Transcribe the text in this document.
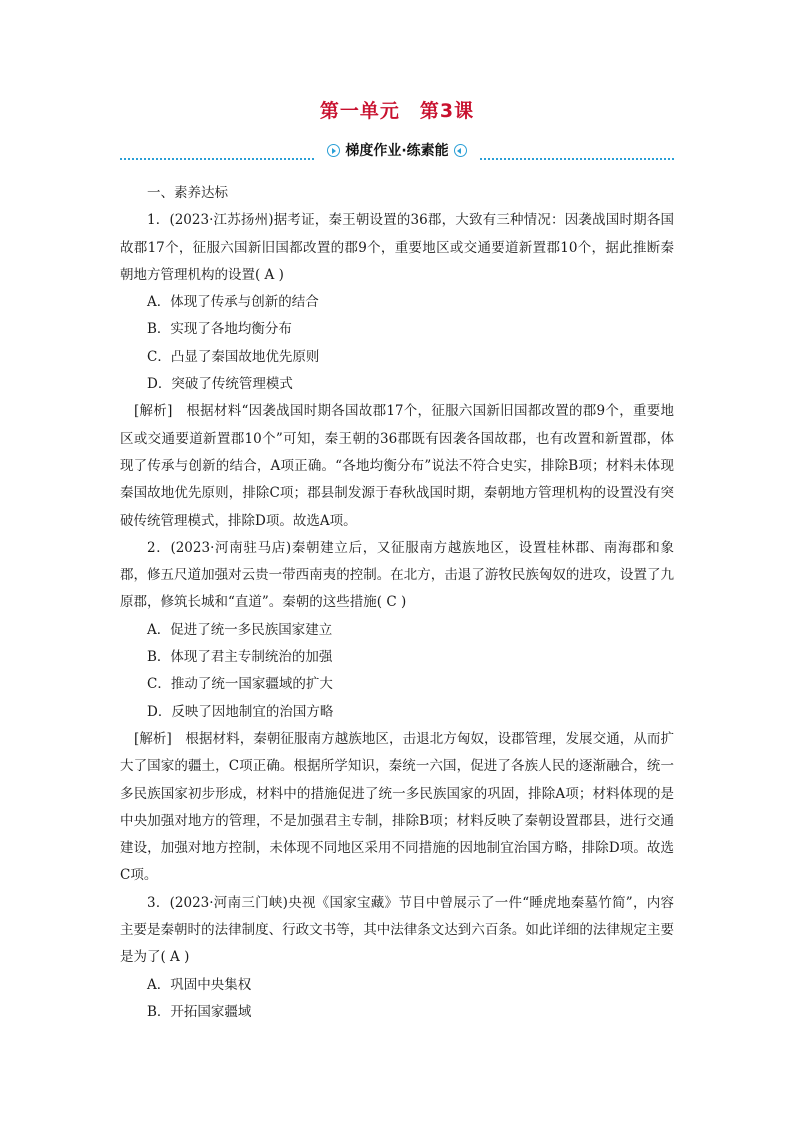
第一单元　第3课
梯度作业·练素能

一、素养达标

1．(2023·江苏扬州)据考证，秦王朝设置的36郡，大致有三种情况：因袭战国时期各国故郡17个，征服六国新旧国都改置的郡9个，重要地区或交通要道新置郡10个，据此推断秦朝地方管理机构的设置( A )

A．体现了传承与创新的结合

B．实现了各地均衡分布

C．凸显了秦国故地优先原则

D．突破了传统管理模式

[解析]　根据材料“因袭战国时期各国故郡17个，征服六国新旧国都改置的郡9个，重要地区或交通要道新置郡10个”可知，秦王朝的36郡既有因袭各国故郡，也有改置和新置郡，体现了传承与创新的结合，A项正确。“各地均衡分布”说法不符合史实，排除B项；材料未体现秦国故地优先原则，排除C项；郡县制发源于春秋战国时期，秦朝地方管理机构的设置没有突破传统管理模式，排除D项。故选A项。

2．(2023·河南驻马店)秦朝建立后，又征服南方越族地区，设置桂林郡、南海郡和象郡，修五尺道加强对云贵一带西南夷的控制。在北方，击退了游牧民族匈奴的进攻，设置了九原郡，修筑长城和“直道”。秦朝的这些措施( C )

A．促进了统一多民族国家建立

B．体现了君主专制统治的加强

C．推动了统一国家疆域的扩大

D．反映了因地制宜的治国方略

[解析]　根据材料，秦朝征服南方越族地区，击退北方匈奴，设郡管理，发展交通，从而扩大了国家的疆土，C项正确。根据所学知识，秦统一六国，促进了各族人民的逐渐融合，统一多民族国家初步形成，材料中的措施促进了统一多民族国家的巩固，排除A项；材料体现的是中央加强对地方的管理，不是加强君主专制，排除B项；材料反映了秦朝设置郡县，进行交通建设，加强对地方控制，未体现不同地区采用不同措施的因地制宜治国方略，排除D项。故选C项。

3．(2023·河南三门峡)央视《国家宝藏》节目中曾展示了一件“睡虎地秦墓竹简”，内容主要是秦朝时的法律制度、行政文书等，其中法律条文达到六百条。如此详细的法律规定主要是为了( A )

A．巩固中央集权

B．开拓国家疆域
